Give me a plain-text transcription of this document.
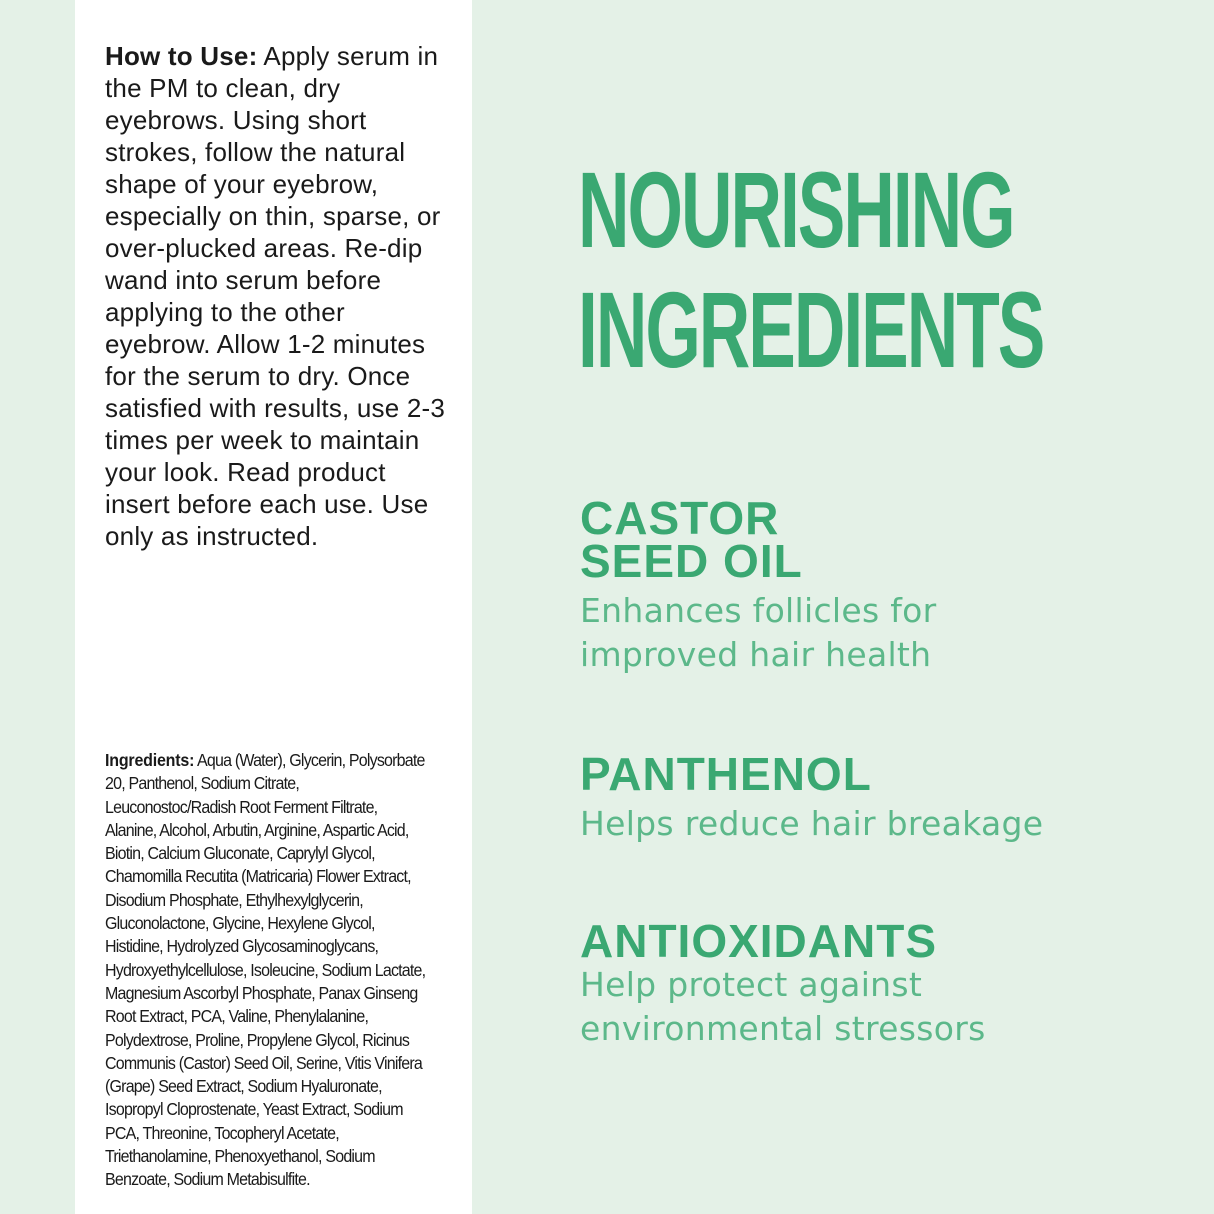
How to Use: Apply serum in the PM to clean, dry eyebrows. Using short strokes, follow the natural shape of your eyebrow, especially on thin, sparse, or over-plucked areas. Re-dip wand into serum before applying to the other eyebrow. Allow 1-2 minutes for the serum to dry. Once satisfied with results, use 2-3 times per week to maintain your look. Read product insert before each use. Use only as instructed.
Ingredients: Aqua (Water), Glycerin, Polysorbate 20, Panthenol, Sodium Citrate, Leuconostoc/Radish Root Ferment Filtrate, Alanine, Alcohol, Arbutin, Arginine, Aspartic Acid, Biotin, Calcium Gluconate, Caprylyl Glycol, Chamomilla Recutita (Matricaria) Flower Extract, Disodium Phosphate, Ethylhexylglycerin, Gluconolactone, Glycine, Hexylene Glycol, Histidine, Hydrolyzed Glycosaminoglycans, Hydroxyethylcellulose, Isoleucine, Sodium Lactate, Magnesium Ascorbyl Phosphate, Panax Ginseng Root Extract, PCA, Valine, Phenylalanine, Polydextrose, Proline, Propylene Glycol, Ricinus Communis (Castor) Seed Oil, Serine, Vitis Vinifera (Grape) Seed Extract, Sodium Hyaluronate, Isopropyl Cloprostenate, Yeast Extract, Sodium PCA, Threonine, Tocopheryl Acetate, Triethanolamine, Phenoxyethanol, Sodium Benzoate, Sodium Metabisulfite.
NOURISHING
INGREDIENTS
CASTOR
SEED OIL
Enhances follicles for
improved hair health
PANTHENOL
Helps reduce hair breakage
ANTIOXIDANTS
Help protect against
environmental stressors
